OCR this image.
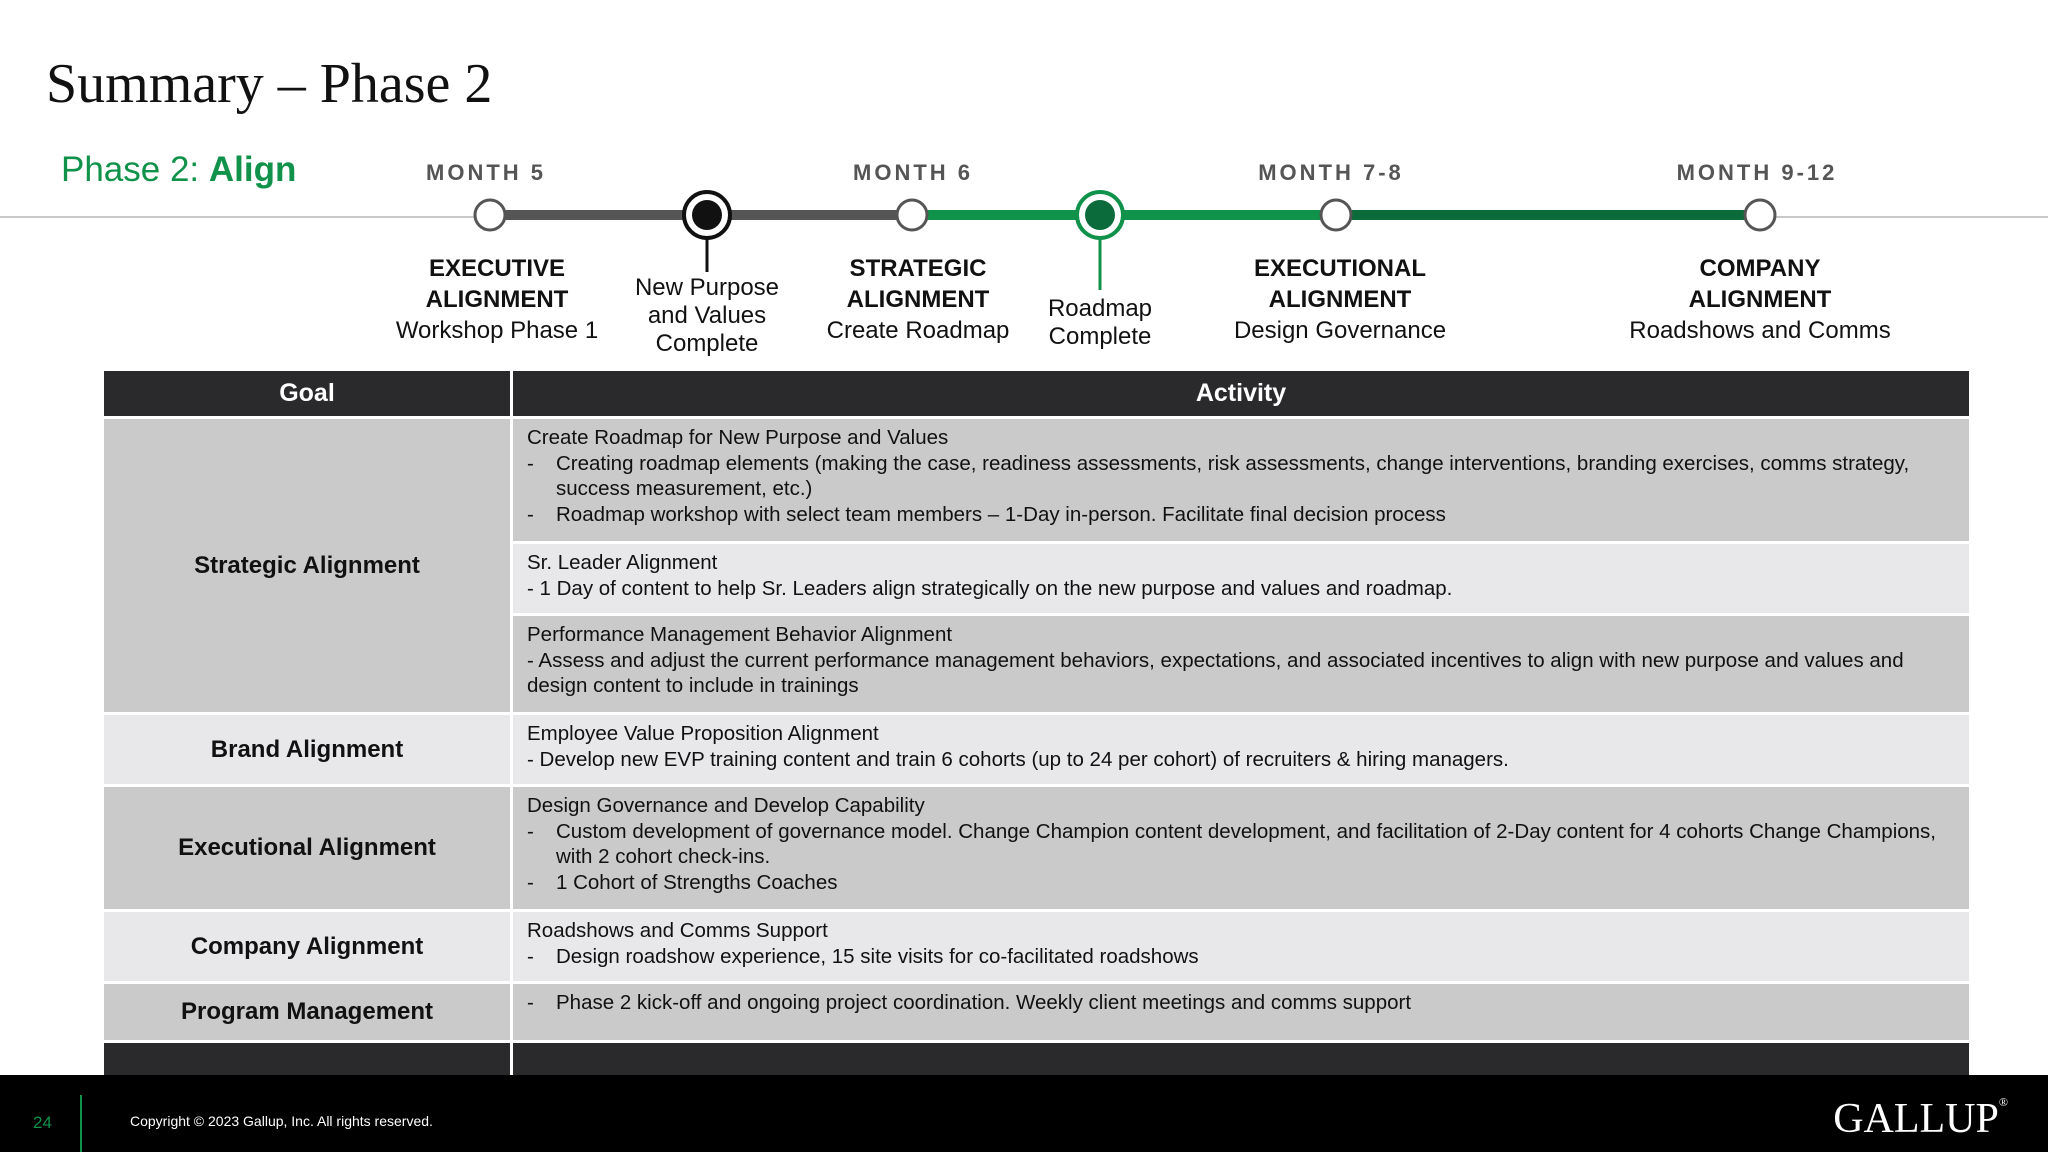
Summary – Phase 2
Phase 2: Align	MONTH 5	MONTH 6	MONTH 7-8	MONTH 9-12
EXECUTIVE
ALIGNMENT
Workshop Phase 1
New Purpose
and Values
Complete
STRATEGIC
ALIGNMENT
Create Roadmap
Roadmap
Complete
EXECUTIONAL
ALIGNMENT
Design Governance
COMPANY
ALIGNMENT
Roadshows and Comms
Goal	Activity
Strategic Alignment	Create Roadmap for New Purpose and Values
- Creating roadmap elements (making the case, readiness assessments, risk assessments, change interventions, branding exercises, comms strategy, success measurement, etc.)
- Roadmap workshop with select team members – 1-Day in-person. Facilitate final decision process

	Sr. Leader Alignment
- 1 Day of content to help Sr. Leaders align strategically on the new purpose and values and roadmap.

	Performance Management Behavior Alignment
- Assess and adjust the current performance management behaviors, expectations, and associated incentives to align with new purpose and values and design content to include in trainings

Brand Alignment	Employee Value Proposition Alignment
- Develop new EVP training content and train 6 cohorts (up to 24 per cohort) of recruiters & hiring managers.

Executional Alignment	Design Governance and Develop Capability
- Custom development of governance model. Change Champion content development, and facilitation of 2-Day content for 4 cohorts Change Champions, with 2 cohort check-ins.
- 1 Cohort of Strengths Coaches

Company Alignment	Roadshows and Comms Support
- Design roadshow experience, 15 site visits for co-facilitated roadshows

Program Management	- Phase 2 kick-off and ongoing project coordination. Weekly client meetings and comms support

24	Copyright © 2023 Gallup, Inc. All rights reserved.	GALLUP®
